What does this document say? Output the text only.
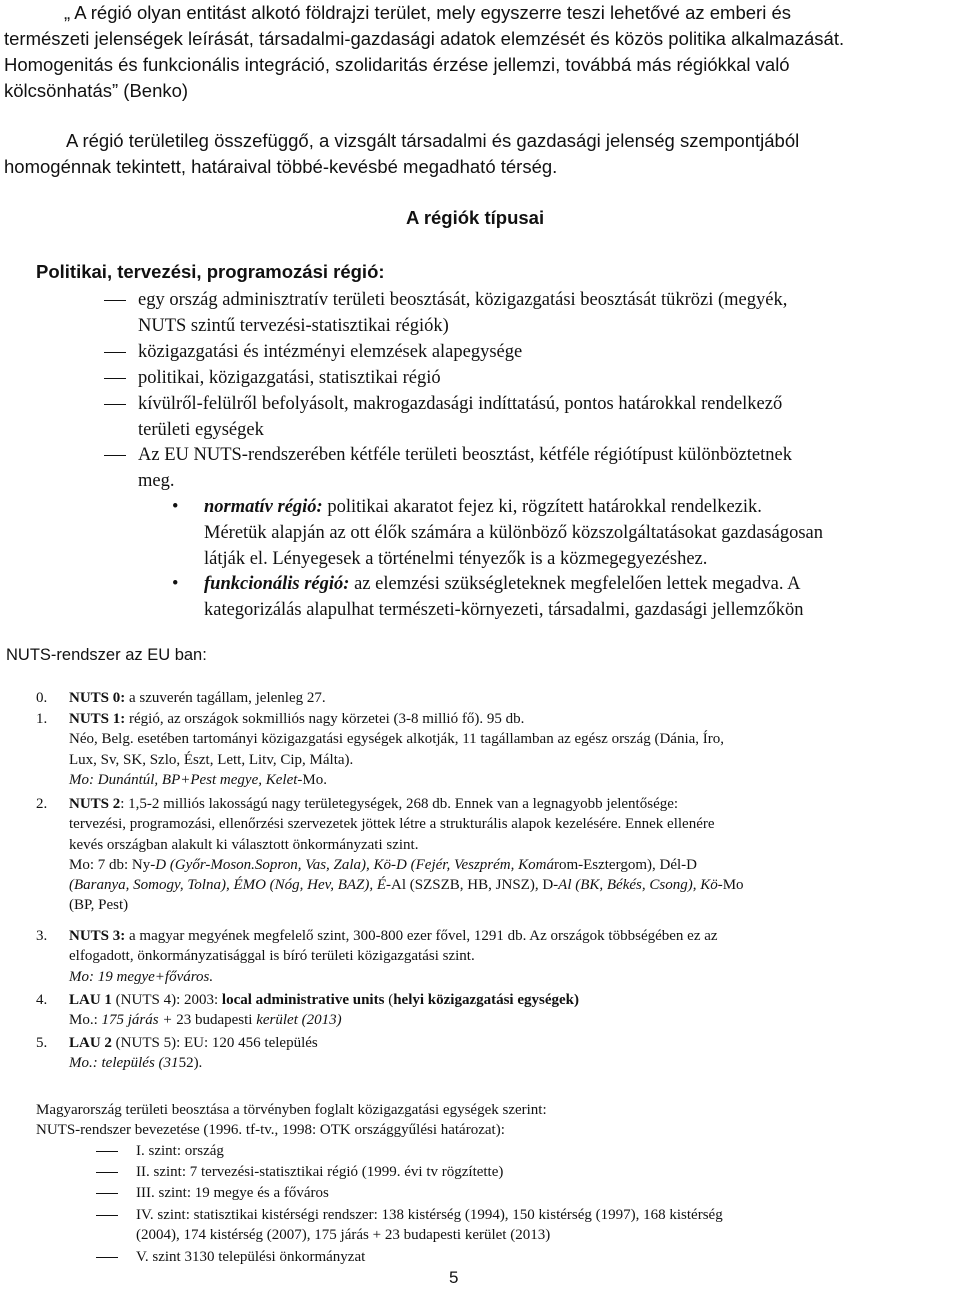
„ A régió olyan entitást alkotó földrajzi terület, mely egyszerre teszi lehetővé az emberi és
természeti jelenségek leírását, társadalmi-gazdasági adatok elemzését és közös politika alkalmazását.
Homogenitás és funkcionális integráció, szolidaritás érzése jellemzi, továbbá más régiókkal való
kölcsönhatás” (Benko)
A régió területileg összefüggő, a vizsgált társadalmi és gazdasági jelenség szempontjából
homogénnak tekintett, határaival többé-kevésbé megadható térség.
A régiók típusai
Politikai, tervezési, programozási régió:
egy ország adminisztratív területi beosztását, közigazgatási beosztását tükrözi (megyék,
NUTS szintű tervezési-statisztikai régiók)
közigazgatási és intézményi elemzések alapegysége
politikai, közigazgatási, statisztikai régió
kívülről-felülről befolyásolt, makrogazdasági indíttatású, pontos határokkal rendelkező
területi egységek
Az EU NUTS-rendszerében kétféle területi beosztást, kétféle régiótípust különböztetnek
meg.
• normatív régió: politikai akaratot fejez ki, rögzített határokkal rendelkezik.
Méretük alapján az ott élők számára a különböző közszolgáltatásokat gazdaságosan
látják el. Lényegesek a történelmi tényezők is a közmegegyezéshez.
• funkcionális régió: az elemzési szükségleteknek megfelelően lettek megadva. A
kategorizálás alapulhat természeti-környezeti, társadalmi, gazdasági jellemzőkön
NUTS-rendszer az EU ban:
0. NUTS 0: a szuverén tagállam, jelenleg 27.
1. NUTS 1: régió, az országok sokmilliós nagy körzetei (3-8 millió fő). 95 db.
Néo, Belg. esetében tartományi közigazgatási egységek alkotják, 11 tagállamban az egész ország (Dánia, Íro,
Lux, Sv, SK, Szlo, Észt, Lett, Litv, Cip, Málta).
Mo: Dunántúl, BP+Pest megye, Kelet-Mo.
2. NUTS 2: 1,5-2 milliós lakosságú nagy területegységek, 268 db. Ennek van a legnagyobb jelentősége:
tervezési, programozási, ellenőrzési szervezetek jöttek létre a strukturális alapok kezelésére. Ennek ellenére
kevés országban alakult ki választott önkormányzati szint.
Mo: 7 db: Ny-D (Győr-Moson.Sopron, Vas, Zala), Kö-D (Fejér, Veszprém, Komárom-Esztergom), Dél-D
(Baranya, Somogy, Tolna), ÉMO (Nóg, Hev, BAZ), É-Al (SZSZB, HB, JNSZ), D-Al (BK, Békés, Csong), Kö-Mo
(BP, Pest)
3. NUTS 3: a magyar megyének megfelelő szint, 300-800 ezer fővel, 1291 db. Az országok többségében ez az
elfogadott, önkormányzatisággal is bíró területi közigazgatási szint.
Mo: 19 megye+főváros.
4. LAU 1 (NUTS 4): 2003: local administrative units (helyi közigazgatási egységek)
Mo.: 175 járás + 23 budapesti kerület (2013)
5. LAU 2 (NUTS 5): EU: 120 456 település
Mo.: település (3152).
Magyarország területi beosztása a törvényben foglalt közigazgatási egységek szerint:
NUTS-rendszer bevezetése (1996. tf-tv., 1998: OTK országgyűlési határozat):
I. szint: ország
II. szint: 7 tervezési-statisztikai régió (1999. évi tv rögzítette)
III. szint: 19 megye és a főváros
IV. szint: statisztikai kistérségi rendszer: 138 kistérség (1994), 150 kistérség (1997), 168 kistérség
(2004), 174 kistérség (2007), 175 járás + 23 budapesti kerület (2013)
V. szint 3130 települési önkormányzat
5
